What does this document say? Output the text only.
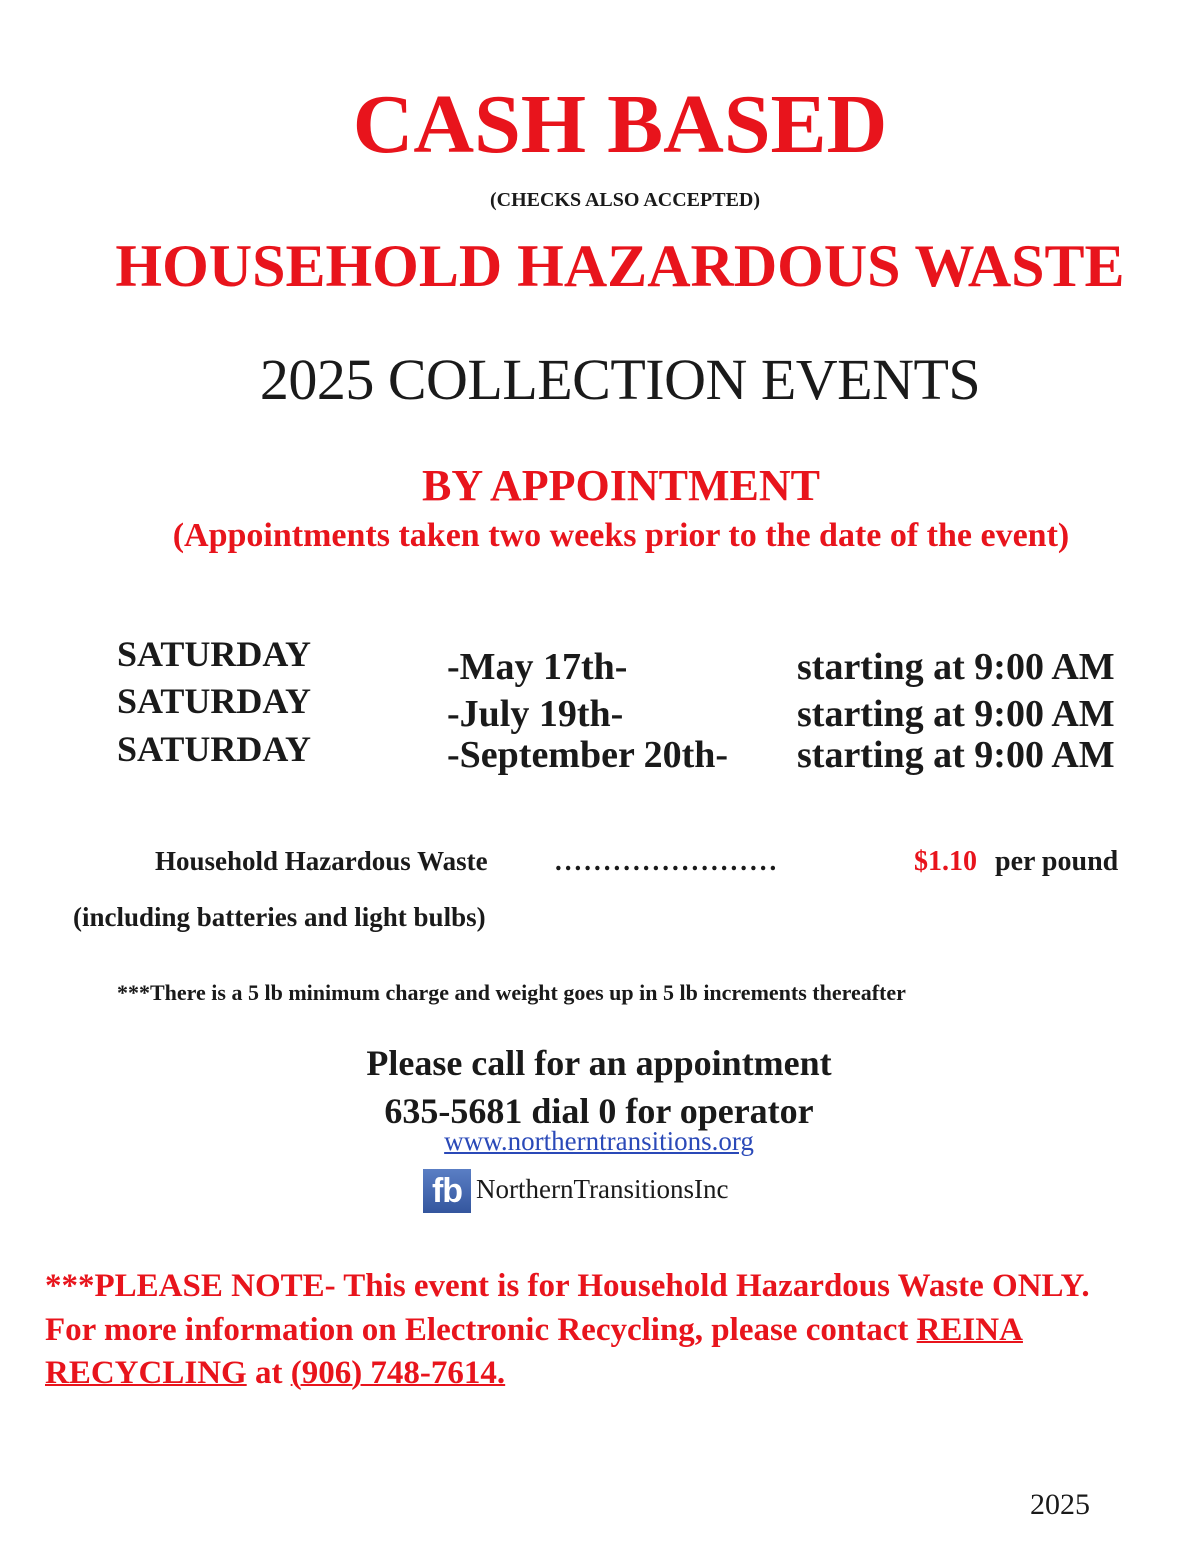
CASH BASED
(CHECKS ALSO ACCEPTED)
HOUSEHOLD HAZARDOUS WASTE
2025 COLLECTION EVENTS
BY APPOINTMENT
(Appointments taken two weeks prior to the date of the event)
SATURDAY	-May 17th-	starting at 9:00 AM
SATURDAY	-July 19th-	starting at 9:00 AM
SATURDAY	-September 20th- starting at 9:00 AM
Household Hazardous Waste .......................	$1.10 per pound
(including batteries and light bulbs)
***There is a 5 lb minimum charge and weight goes up in 5 lb increments thereafter
Please call for an appointment
635-5681 dial 0 for operator
www.northerntransitions.org
fb NorthernTransitionsInc
***PLEASE NOTE- This event is for Household Hazardous Waste ONLY.
For more information on Electronic Recycling, please contact REINA
RECYCLING at (906) 748-7614.
2025
